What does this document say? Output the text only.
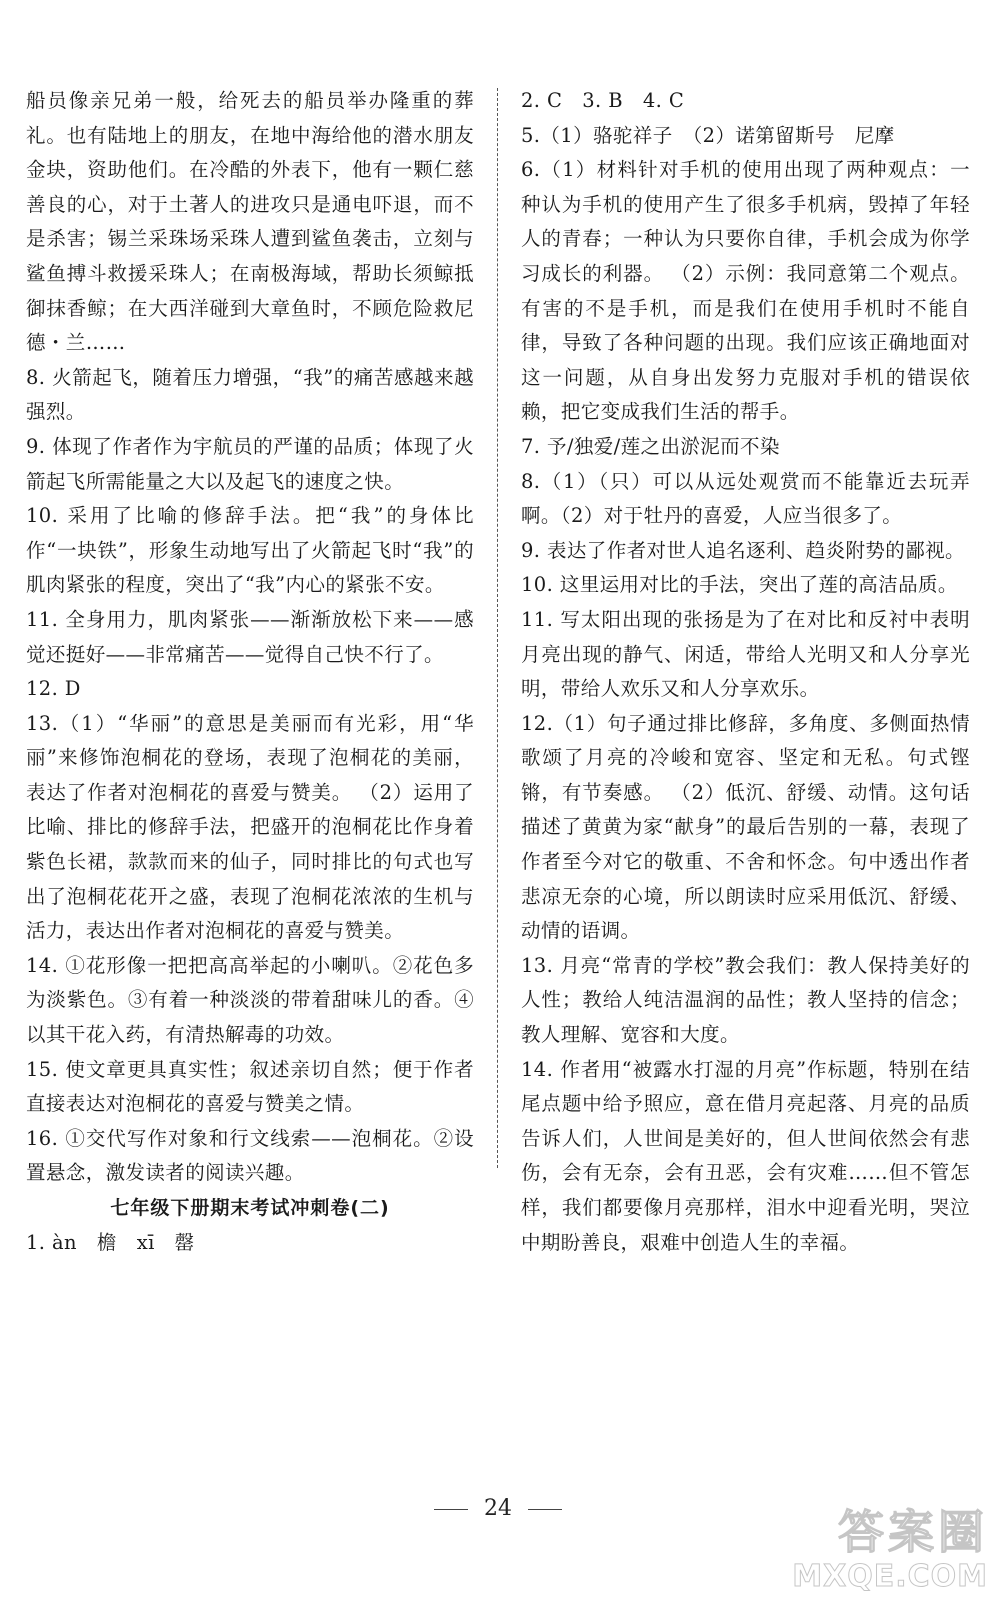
船员像亲兄弟一般，给死去的船员举办隆重的葬礼。也有陆地上的朋友，在地中海给他的潜水朋友金块，资助他们。在冷酷的外表下，他有一颗仁慈善良的心，对于土著人的进攻只是通电吓退，而不是杀害；锡兰采珠场采珠人遭到鲨鱼袭击，立刻与鲨鱼搏斗救援采珠人；在南极海域，帮助长须鲸抵御抹香鲸；在大西洋碰到大章鱼时，不顾危险救尼德・兰……

8. 火箭起飞，随着压力增强，“我”的痛苦感越来越强烈。

9. 体现了作者作为宇航员的严谨的品质；体现了火箭起飞所需能量之大以及起飞的速度之快。

10. 采用了比喻的修辞手法。把“我”的身体比作“一块铁”，形象生动地写出了火箭起飞时“我”的肌肉紧张的程度，突出了“我”内心的紧张不安。

11. 全身用力，肌肉紧张——渐渐放松下来——感觉还挺好——非常痛苦——觉得自己快不行了。

12. D

13.（1）“华丽”的意思是美丽而有光彩，用“华丽”来修饰泡桐花的登场，表现了泡桐花的美丽，表达了作者对泡桐花的喜爱与赞美。 （2）运用了比喻、排比的修辞手法，把盛开的泡桐花比作身着紫色长裙，款款而来的仙子，同时排比的句式也写出了泡桐花花开之盛，表现了泡桐花浓浓的生机与活力，表达出作者对泡桐花的喜爱与赞美。

14. ①花形像一把把高高举起的小喇叭。②花色多为淡紫色。③有着一种淡淡的带着甜味儿的香。④以其干花入药，有清热解毒的功效。

15. 使文章更具真实性；叙述亲切自然；便于作者直接表达对泡桐花的喜爱与赞美之情。

16. ①交代写作对象和行文线索——泡桐花。②设置悬念，激发读者的阅读兴趣。

七年级下册期末考试冲刺卷(二)

1. àn　檐　xī　罄

2. C　3. B　4. C

5.（1）骆驼祥子　（2）诺第留斯号　尼摩

6.（1）材料针对手机的使用出现了两种观点：一种认为手机的使用产生了很多手机病，毁掉了年轻人的青春；一种认为只要你自律，手机会成为你学习成长的利器。 （2）示例：我同意第二个观点。有害的不是手机，而是我们在使用手机时不能自律，导致了各种问题的出现。我们应该正确地面对这一问题，从自身出发努力克服对手机的错误依赖，把它变成我们生活的帮手。

7. 予/独爱/莲之出淤泥而不染

8.（1）（只）可以从远处观赏而不能靠近去玩弄啊。（2）对于牡丹的喜爱，人应当很多了。

9. 表达了作者对世人追名逐利、趋炎附势的鄙视。

10. 这里运用对比的手法，突出了莲的高洁品质。

11. 写太阳出现的张扬是为了在对比和反衬中表明月亮出现的静气、闲适，带给人光明又和人分享光明，带给人欢乐又和人分享欢乐。

12.（1）句子通过排比修辞，多角度、多侧面热情歌颂了月亮的冷峻和宽容、坚定和无私。句式铿锵，有节奏感。 （2）低沉、舒缓、动情。这句话描述了黄黄为家“献身”的最后告别的一幕，表现了作者至今对它的敬重、不舍和怀念。句中透出作者悲凉无奈的心境，所以朗读时应采用低沉、舒缓、动情的语调。

13. 月亮“常青的学校”教会我们：教人保持美好的人性；教给人纯洁温润的品性；教人坚持的信念；教人理解、宽容和大度。

14. 作者用“被露水打湿的月亮”作标题，特别在结尾点题中给予照应，意在借月亮起落、月亮的品质告诉人们，人世间是美好的，但人世间依然会有悲伤，会有无奈，会有丑恶，会有灾难……但不管怎样，我们都要像月亮那样，泪水中迎看光明，哭泣中期盼善良，艰难中创造人生的幸福。

24	答案圈
MXQE.COM
